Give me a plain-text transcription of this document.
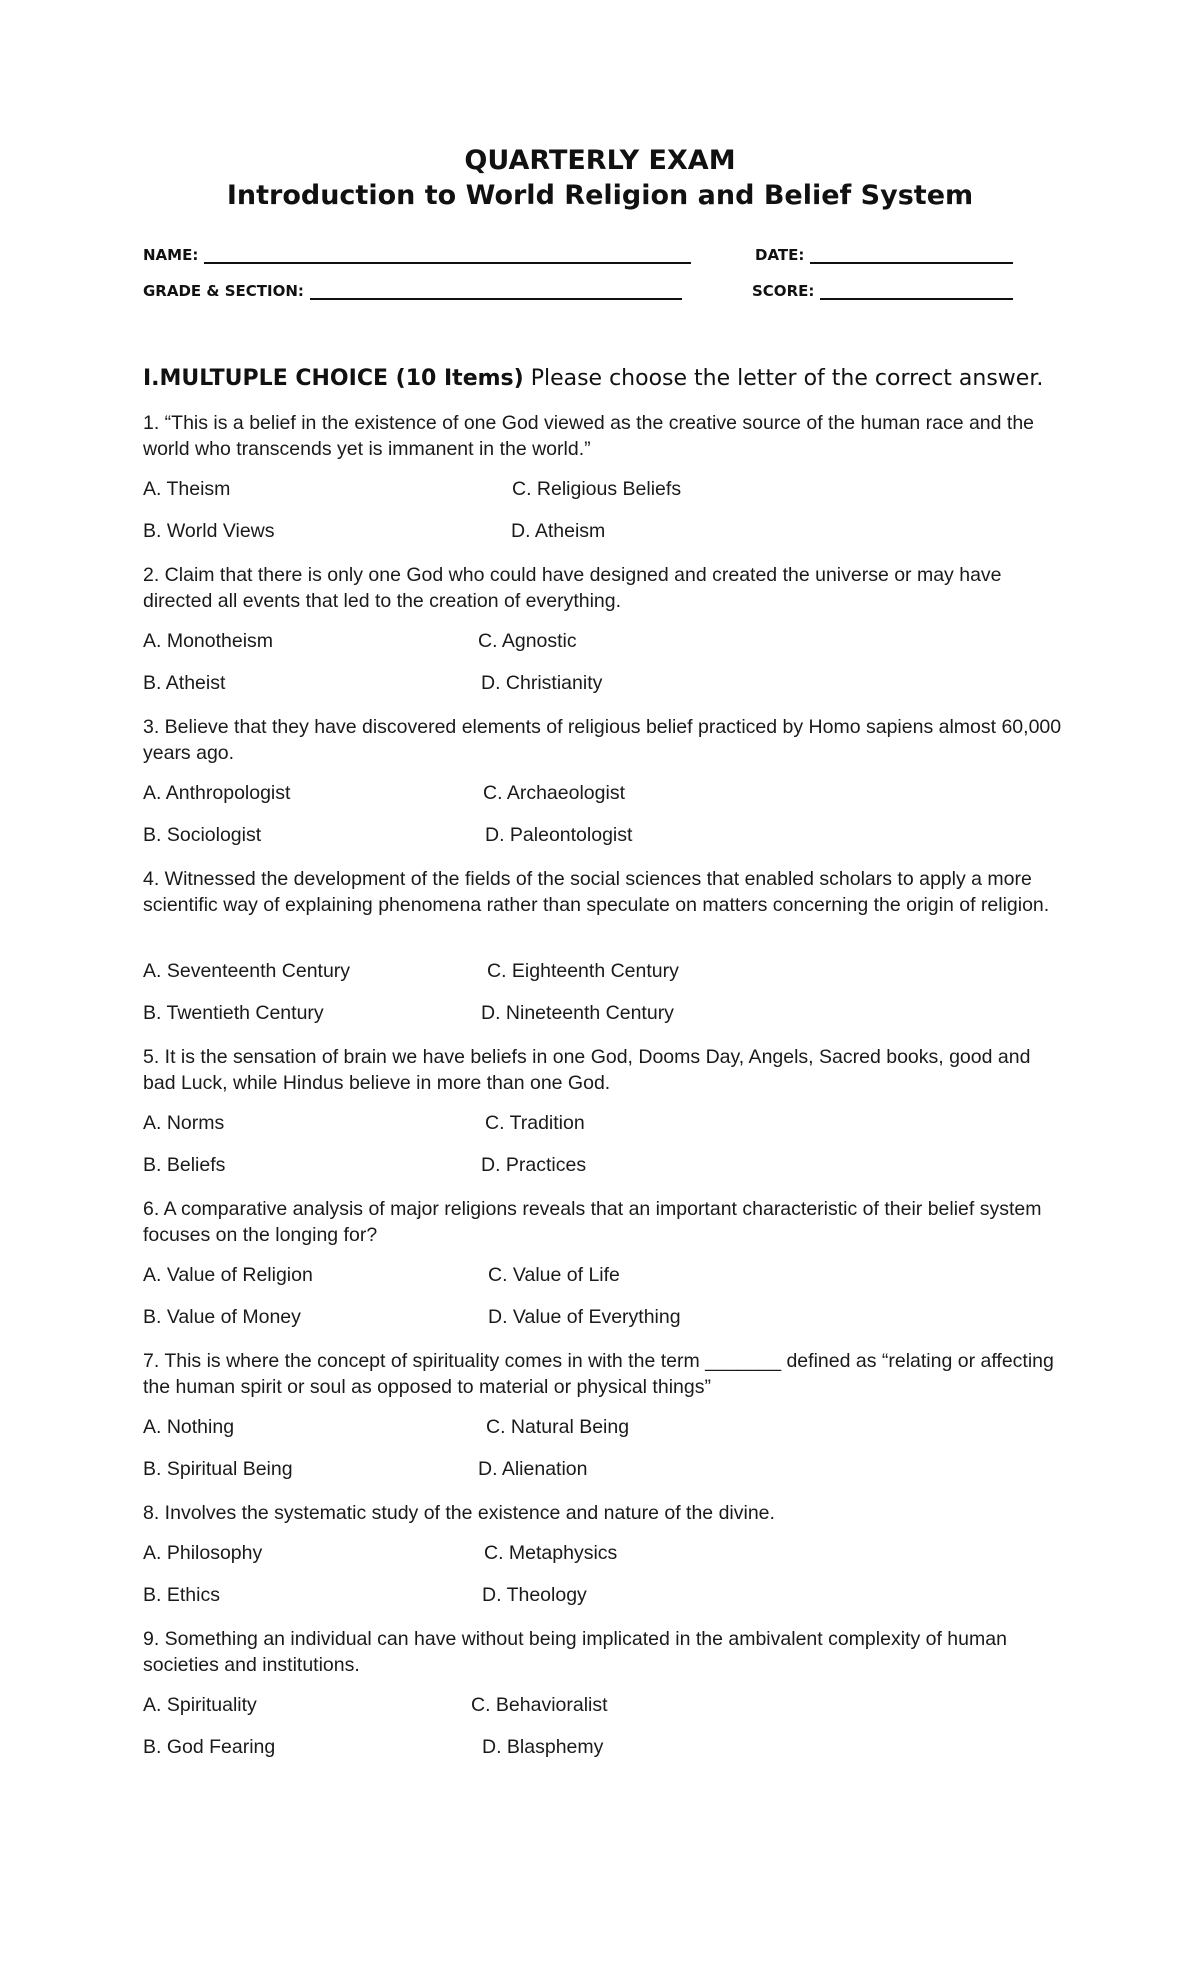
QUARTERLY EXAM
Introduction to World Religion and Belief System
NAME:	DATE:
GRADE & SECTION:	SCORE:
I.MULTUPLE CHOICE (10 Items) Please choose the letter of the correct answer.
1. “This is a belief in the existence of one God viewed as the creative source of the human race and the world who transcends yet is immanent in the world.”
A. Theism	C. Religious Beliefs
B. World Views	D. Atheism
2. Claim that there is only one God who could have designed and created the universe or may have directed all events that led to the creation of everything.
A. Monotheism	C. Agnostic
B. Atheist	D. Christianity
3. Believe that they have discovered elements of religious belief practiced by Homo sapiens almost 60,000 years ago.
A. Anthropologist	C. Archaeologist
B. Sociologist	D. Paleontologist
4. Witnessed the development of the fields of the social sciences that enabled scholars to apply a more scientific way of explaining phenomena rather than speculate on matters concerning the origin of religion.
A. Seventeenth Century	C. Eighteenth Century
B. Twentieth Century	D. Nineteenth Century
5. It is the sensation of brain we have beliefs in one God, Dooms Day, Angels, Sacred books, good and bad Luck, while Hindus believe in more than one God.
A. Norms	C. Tradition
B. Beliefs	D. Practices
6. A comparative analysis of major religions reveals that an important characteristic of their belief system focuses on the longing for?
A. Value of Religion	C. Value of Life
B. Value of Money	D. Value of Everything
7. This is where the concept of spirituality comes in with the term _______ defined as “relating or affecting the human spirit or soul as opposed to material or physical things”
A. Nothing	C. Natural Being
B. Spiritual Being	D. Alienation
8. Involves the systematic study of the existence and nature of the divine.
A. Philosophy	C. Metaphysics
B. Ethics	D. Theology
9. Something an individual can have without being implicated in the ambivalent complexity of human societies and institutions.
A. Spirituality	C. Behavioralist
B. God Fearing	D. Blasphemy
